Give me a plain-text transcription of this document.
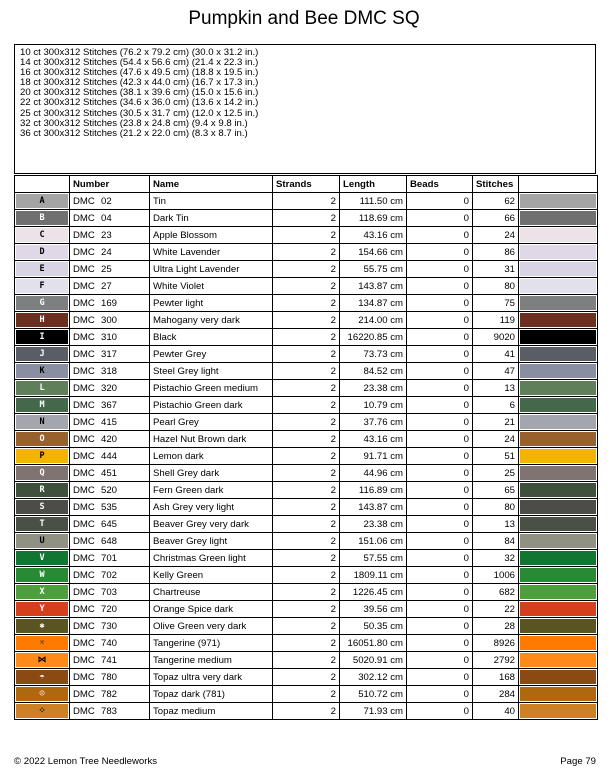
Pumpkin and Bee DMC SQ
10 ct 300x312 Stitches (76.2 x 79.2 cm) (30.0 x 31.2 in.)
14 ct 300x312 Stitches (54.4 x 56.6 cm) (21.4 x 22.3 in.)
16 ct 300x312 Stitches (47.6 x 49.5 cm) (18.8 x 19.5 in.)
18 ct 300x312 Stitches (42.3 x 44.0 cm) (16.7 x 17.3 in.)
20 ct 300x312 Stitches (38.1 x 39.6 cm) (15.0 x 15.6 in.)
22 ct 300x312 Stitches (34.6 x 36.0 cm) (13.6 x 14.2 in.)
25 ct 300x312 Stitches (30.5 x 31.7 cm) (12.0 x 12.5 in.)
32 ct 300x312 Stitches (23.8 x 24.8 cm) (9.4 x 9.8 in.)
36 ct 300x312 Stitches (21.2 x 22.0 cm) (8.3 x 8.7 in.)
	Number	Name	Strands	Length	Beads	Stitches	

A	DMC 02	Tin	2	111.50 cm	0	62	

B	DMC 04	Dark Tin	2	118.69 cm	0	66	

C	DMC 23	Apple Blossom	2	43.16 cm	0	24	

D	DMC 24	White Lavender	2	154.66 cm	0	86	

E	DMC 25	Ultra Light Lavender	2	55.75 cm	0	31	

F	DMC 27	White Violet	2	143.87 cm	0	80	

G	DMC 169	Pewter light	2	134.87 cm	0	75	

H	DMC 300	Mahogany very dark	2	214.00 cm	0	119	

I	DMC 310	Black	2	16220.85 cm	0	9020	

J	DMC 317	Pewter Grey	2	73.73 cm	0	41	

K	DMC 318	Steel Grey light	2	84.52 cm	0	47	

L	DMC 320	Pistachio Green medium	2	23.38 cm	0	13	

M	DMC 367	Pistachio Green dark	2	10.79 cm	0	6	

N	DMC 415	Pearl Grey	2	37.76 cm	0	21	

O	DMC 420	Hazel Nut Brown dark	2	43.16 cm	0	24	

P	DMC 444	Lemon dark	2	91.71 cm	0	51	

Q	DMC 451	Shell Grey dark	2	44.96 cm	0	25	

R	DMC 520	Fern Green dark	2	116.89 cm	0	65	

S	DMC 535	Ash Grey very light	2	143.87 cm	0	80	

T	DMC 645	Beaver Grey very dark	2	23.38 cm	0	13	

U	DMC 648	Beaver Grey light	2	151.06 cm	0	84	

V	DMC 701	Christmas Green light	2	57.55 cm	0	32	

W	DMC 702	Kelly Green	2	1809.11 cm	0	1006	

X	DMC 703	Chartreuse	2	1226.45 cm	0	682	

Y	DMC 720	Orange Spice dark	2	39.56 cm	0	22	

✱	DMC 730	Olive Green very dark	2	50.35 cm	0	28	

☼	DMC 740	Tangerine (971)	2	16051.80 cm	0	8926	

⋈	DMC 741	Tangerine medium	2	5020.91 cm	0	2792	

☂	DMC 780	Topaz ultra very dark	2	302.12 cm	0	168	

☺	DMC 782	Topaz dark (781)	2	510.72 cm	0	284	

⁘	DMC 783	Topaz medium	2	71.93 cm	0	40	
© 2022 Lemon Tree Needleworks	Page 79
